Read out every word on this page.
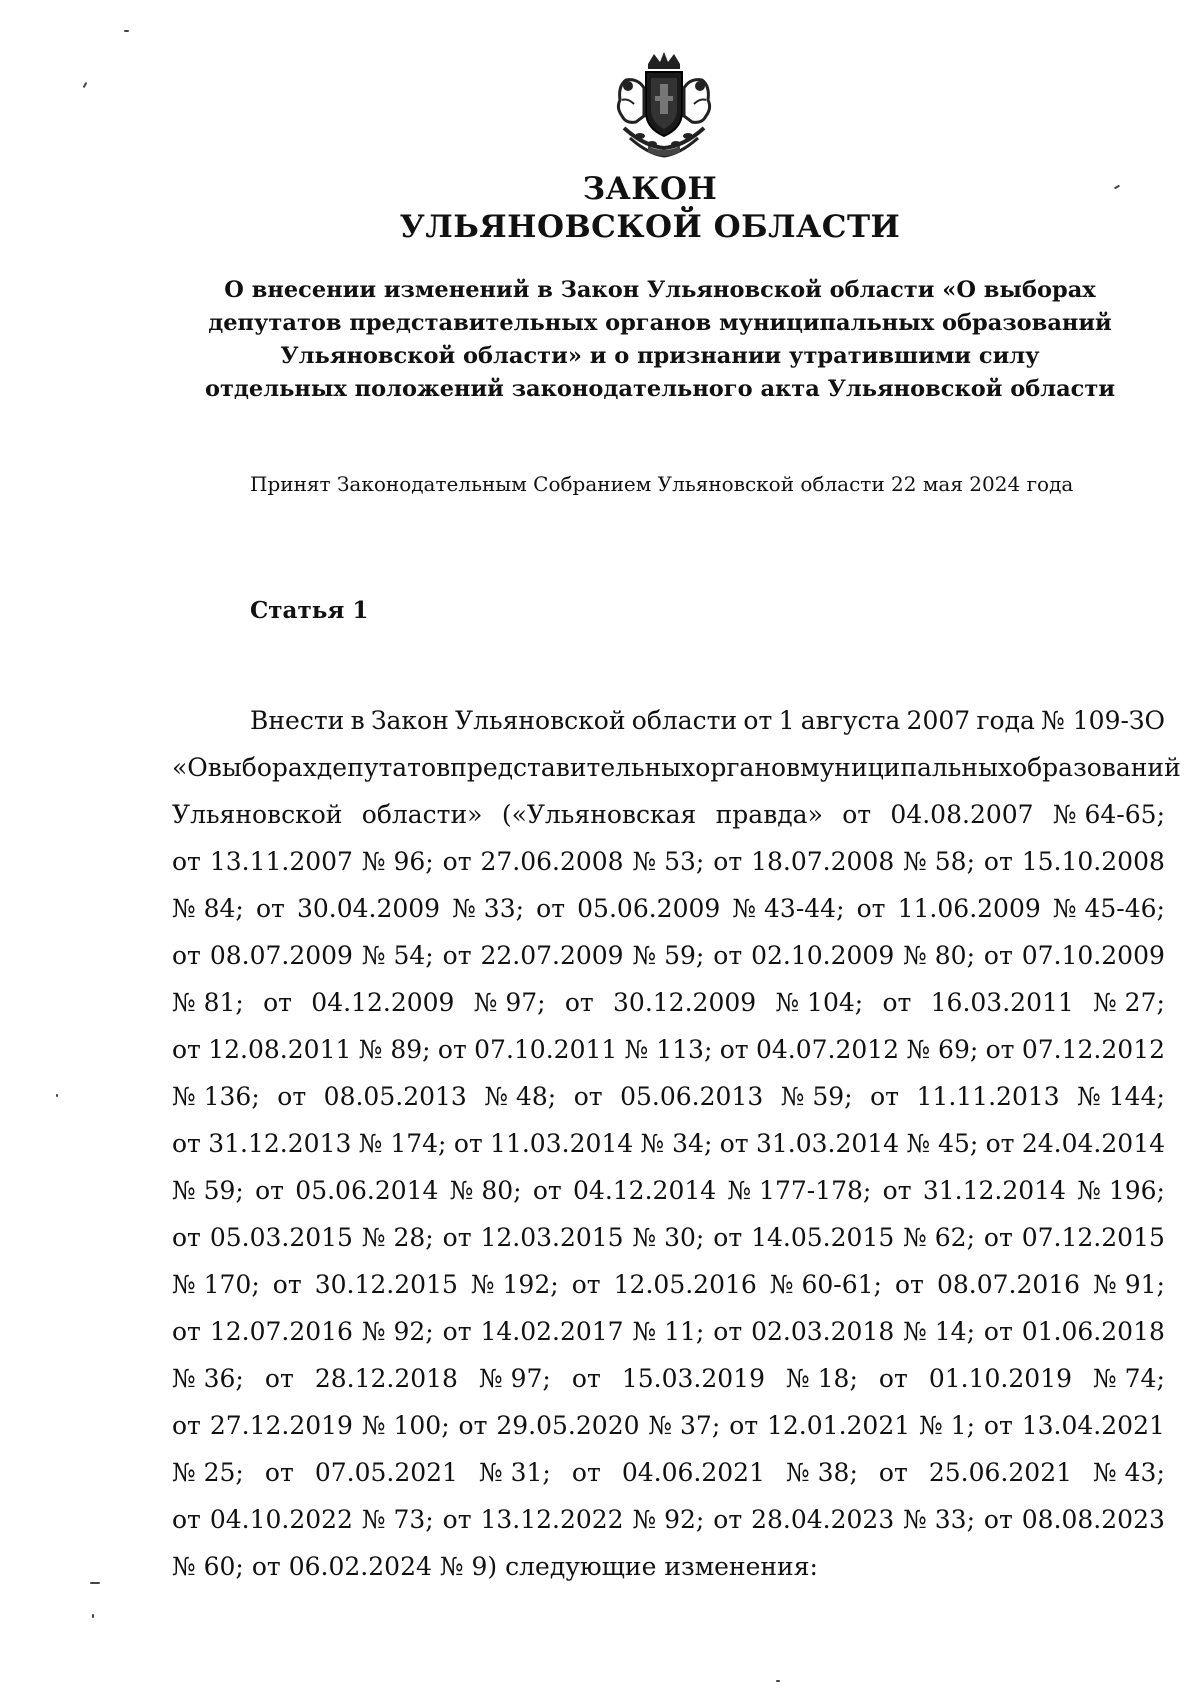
ЗАКОН
УЛЬЯНОВСКОЙ ОБЛАСТИ
О внесении изменений в Закон Ульяновской области «О выборах
депутатов представительных органов муниципальных образований
Ульяновской области» и о признании утратившими силу
отдельных положений законодательного акта Ульяновской области
Принят Законодательным Собранием Ульяновской области 22 мая 2024 года
Статья 1
Внести в Закон Ульяновской области от 1 августа 2007 года № 109-ЗО
«О выборах депутатов представительных органов муниципальных образований
Ульяновской области» («Ульяновская правда» от 04.08.2007 № 64-65;
от 13.11.2007 № 96; от 27.06.2008 № 53; от 18.07.2008 № 58; от 15.10.2008
№ 84; от 30.04.2009 № 33; от 05.06.2009 № 43-44; от 11.06.2009 № 45-46;
от 08.07.2009 № 54; от 22.07.2009 № 59; от 02.10.2009 № 80; от 07.10.2009
№ 81; от 04.12.2009 № 97; от 30.12.2009 № 104; от 16.03.2011 № 27;
от 12.08.2011 № 89; от 07.10.2011 № 113; от 04.07.2012 № 69; от 07.12.2012
№ 136; от 08.05.2013 № 48; от 05.06.2013 № 59; от 11.11.2013 № 144;
от 31.12.2013 № 174; от 11.03.2014 № 34; от 31.03.2014 № 45; от 24.04.2014
№ 59; от 05.06.2014 № 80; от 04.12.2014 № 177-178; от 31.12.2014 № 196;
от 05.03.2015 № 28; от 12.03.2015 № 30; от 14.05.2015 № 62; от 07.12.2015
№ 170; от 30.12.2015 № 192; от 12.05.2016 № 60-61; от 08.07.2016 № 91;
от 12.07.2016 № 92; от 14.02.2017 № 11; от 02.03.2018 № 14; от 01.06.2018
№ 36; от 28.12.2018 № 97; от 15.03.2019 № 18; от 01.10.2019 № 74;
от 27.12.2019 № 100; от 29.05.2020 № 37; от 12.01.2021 № 1; от 13.04.2021
№ 25; от 07.05.2021 № 31; от 04.06.2021 № 38; от 25.06.2021 № 43;
от 04.10.2022 № 73; от 13.12.2022 № 92; от 28.04.2023 № 33; от 08.08.2023
№ 60; от 06.02.2024 № 9) следующие изменения:
